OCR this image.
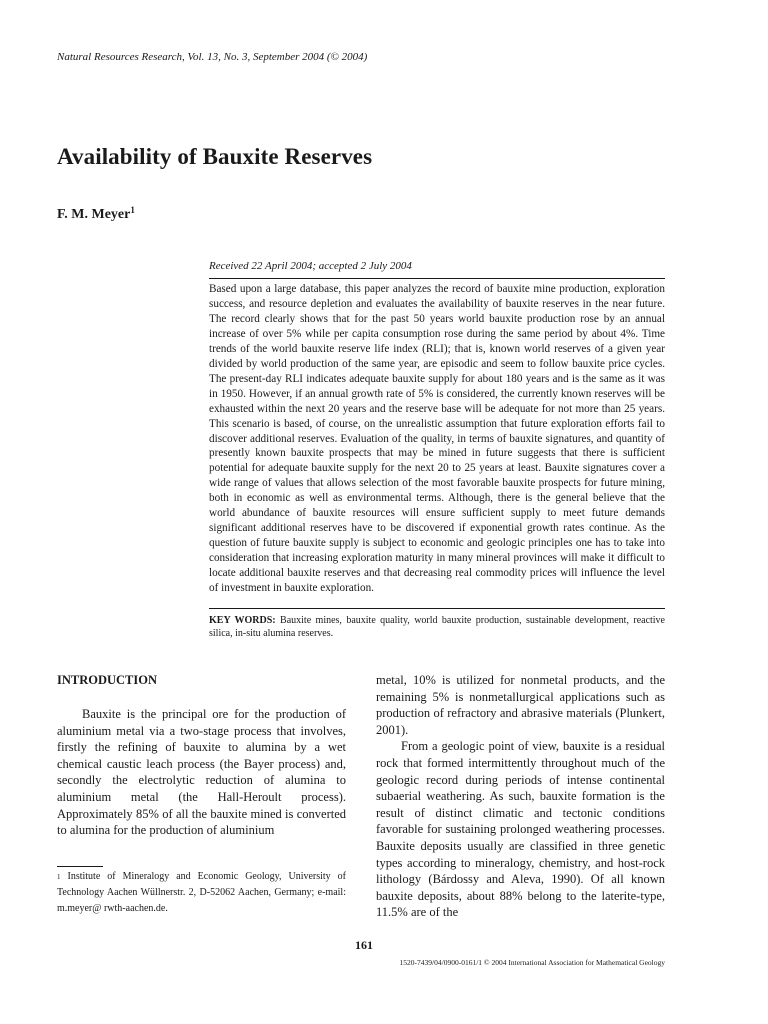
Natural Resources Research, Vol. 13, No. 3, September 2004 (© 2004)
Availability of Bauxite Reserves
F. M. Meyer$^1$
Received 22 April 2004; accepted 2 July 2004

Based upon a large database, this paper analyzes the record of bauxite mine production, exploration success, and resource depletion and evaluates the availability of bauxite reserves in the near future. The record clearly shows that for the past 50 years world bauxite production rose by an annual increase of over 5% while per capita consumption rose during the same period by about 4%. Time trends of the world bauxite reserve life index (RLI); that is, known world reserves of a given year divided by world production of the same year, are episodic and seem to follow bauxite price cycles. The present-day RLI indicates adequate bauxite supply for about 180 years and is the same as it was in 1950. However, if an annual growth rate of 5% is considered, the currently known reserves will be exhausted within the next 20 years and the reserve base will be adequate for not more than 25 years. This scenario is based, of course, on the unrealistic assumption that future exploration efforts fail to discover additional reserves. Evaluation of the quality, in terms of bauxite signatures, and quantity of presently known bauxite prospects that may be mined in future suggests that there is sufficient potential for adequate bauxite supply for the next 20 to 25 years at least. Bauxite signatures cover a wide range of values that allows selection of the most favorable bauxite prospects for future mining, both in economic as well as environmental terms. Although, there is the general believe that the world abundance of bauxite resources will ensure sufficient supply to meet future demands significant additional reserves have to be discovered if exponential growth rates continue. As the question of future bauxite supply is subject to economic and geologic principles one has to take into consideration that increasing exploration maturity in many mineral provinces will make it difficult to locate additional bauxite reserves and that decreasing real commodity prices will influence the level of investment in bauxite exploration.

KEY WORDS: Bauxite mines, bauxite quality, world bauxite production, sustainable development, reactive silica, in-situ alumina reserves.

INTRODUCTION

Bauxite is the principal ore for the production of aluminium metal via a two-stage process that involves, firstly the refining of bauxite to alumina by a wet chemical caustic leach process (the Bayer process) and, secondly the electrolytic reduction of alumina to aluminium metal (the Hall-Heroult process). Approximately 85% of all the bauxite mined is converted to alumina for the production of aluminium

metal, 10% is utilized for nonmetal products, and the remaining 5% is nonmetallurgical applications such as production of refractory and abrasive materials (Plunkert, 2001).

From a geologic point of view, bauxite is a residual rock that formed intermittently throughout much of the geologic record during periods of intense continental subaerial weathering. As such, bauxite formation is the result of distinct climatic and tectonic conditions favorable for sustaining prolonged weathering processes. Bauxite deposits usually are classified in three genetic types according to mineralogy, chemistry, and host-rock lithology (Bárdossy and Aleva, 1990). Of all known bauxite deposits, about 88% belong to the laterite-type, 11.5% are of the

$^1$ Institute of Mineralogy and Economic Geology, University of Technology Aachen Wüllnerstr. 2, D-52062 Aachen, Germany; e-mail: m.meyer@ rwth-aachen.de.

161
1520-7439/04/0900-0161/1 © 2004 International Association for Mathematical Geology
